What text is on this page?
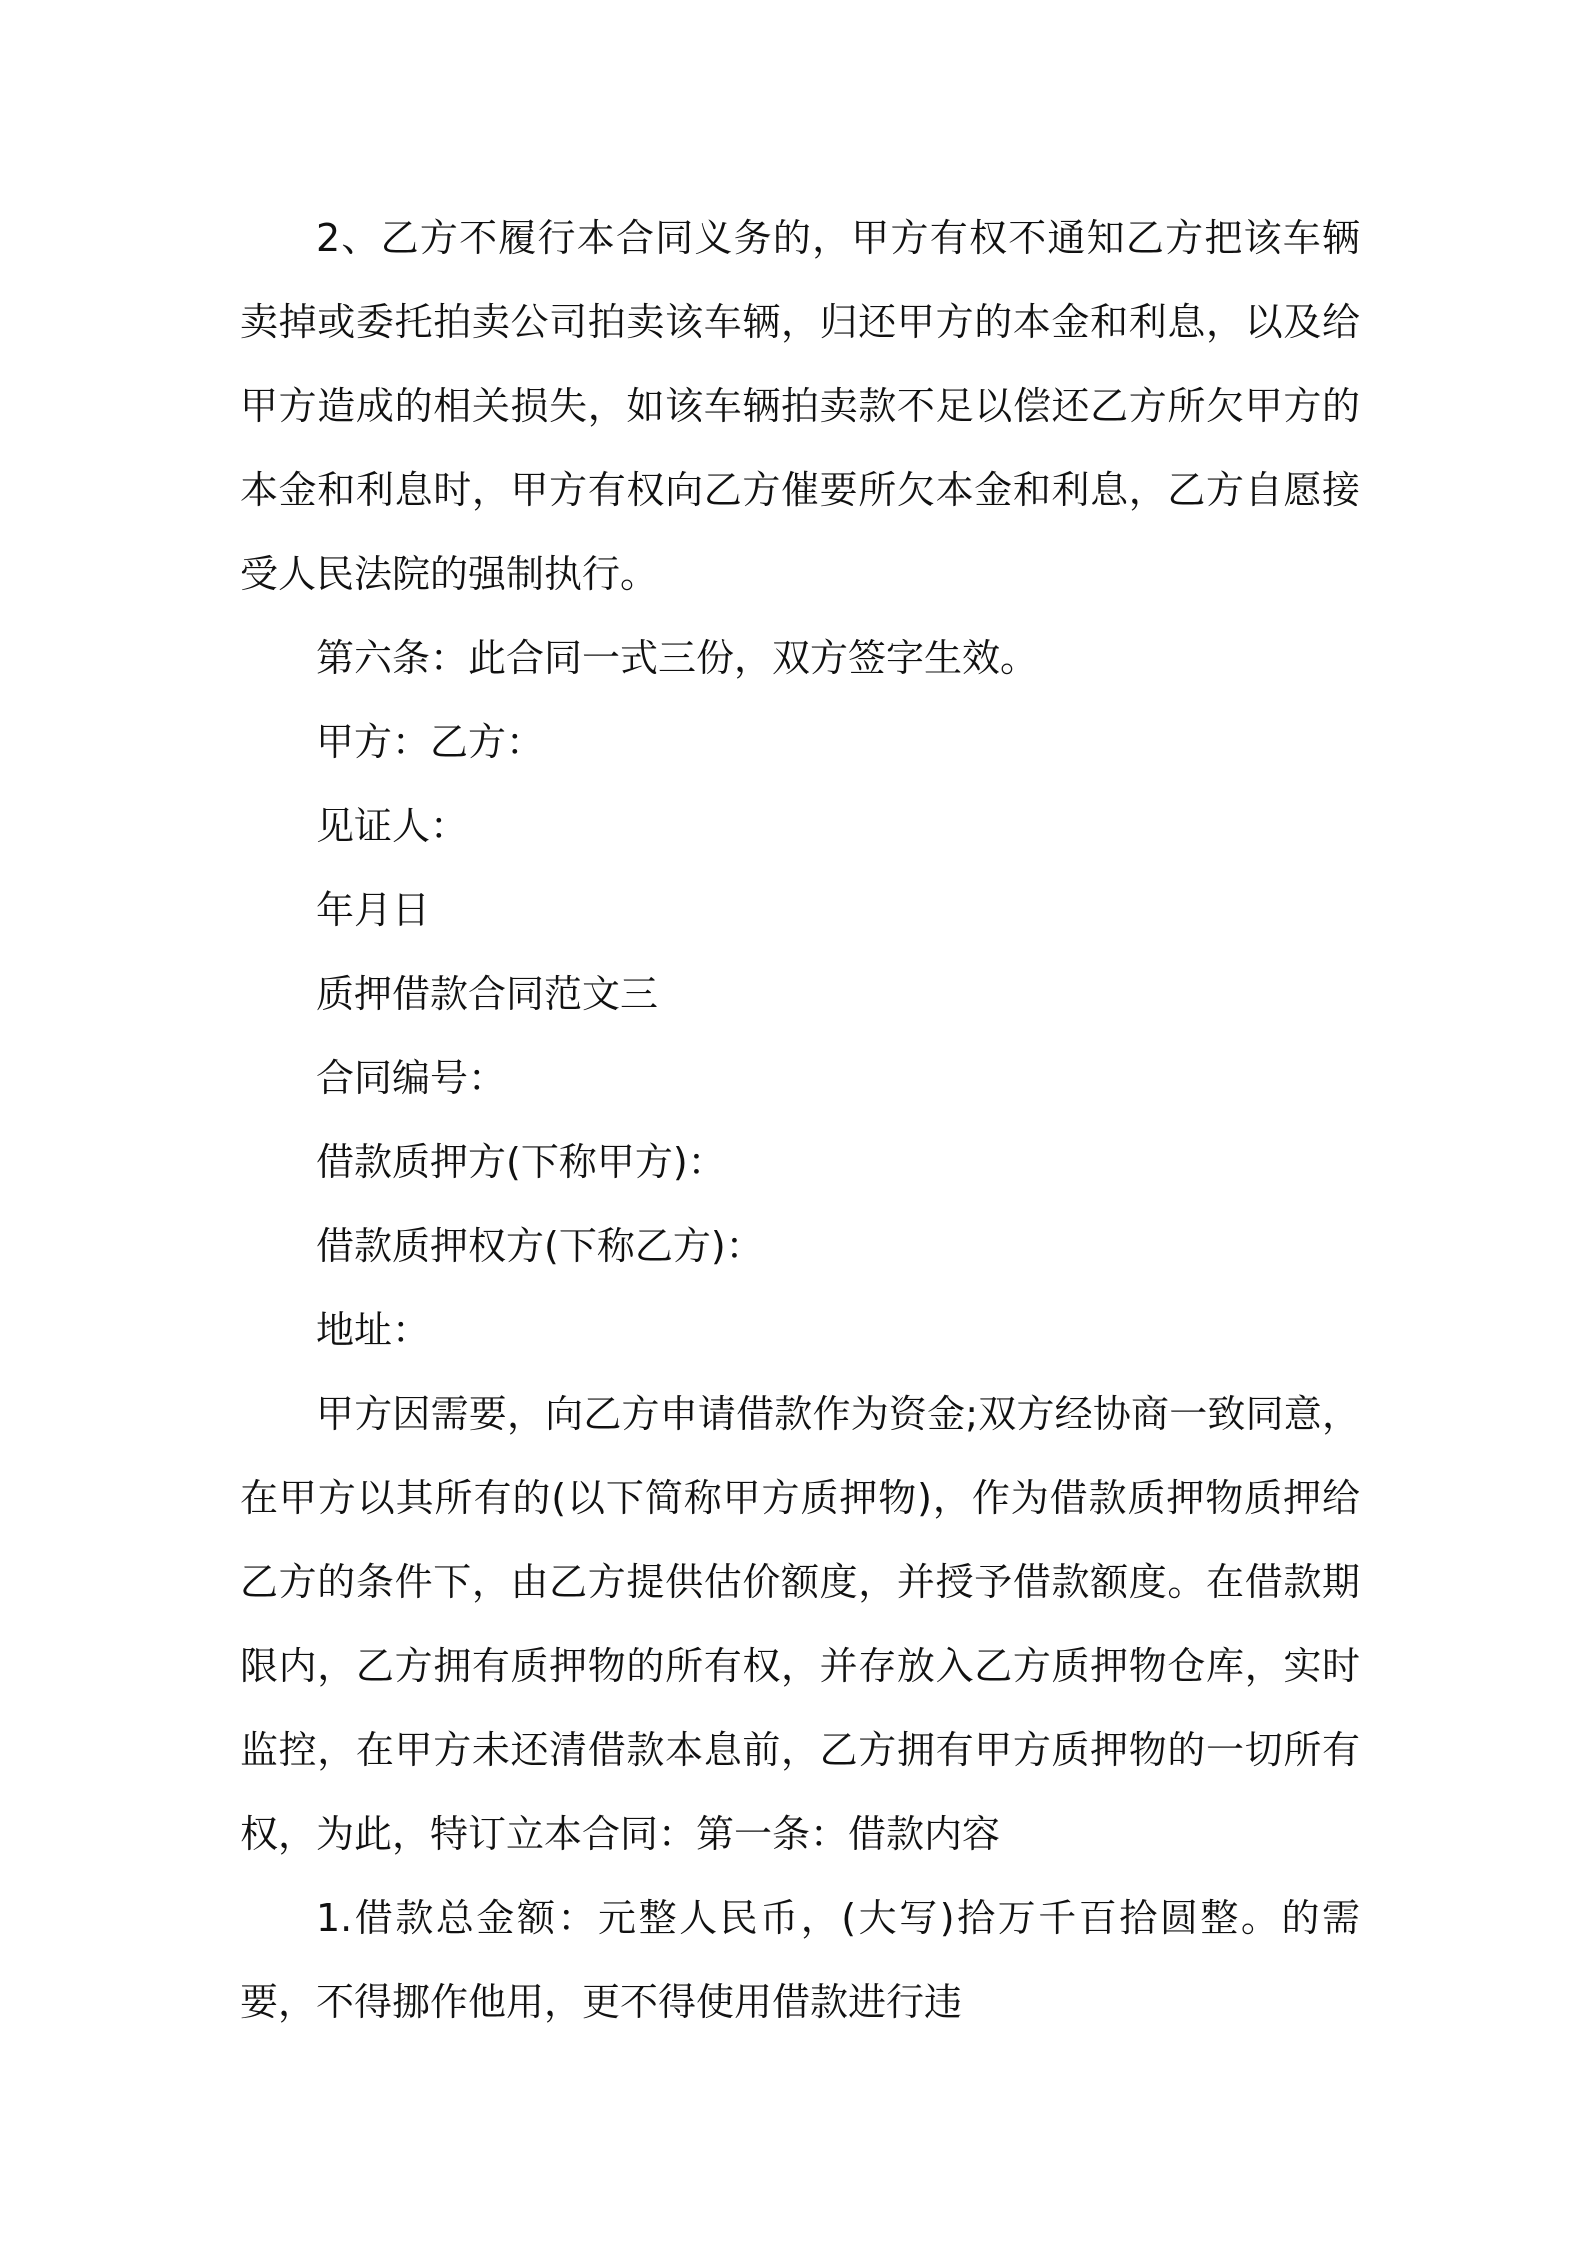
2、乙方不履行本合同义务的，甲方有权不通知乙方把该车辆卖掉或委托拍卖公司拍卖该车辆，归还甲方的本金和利息，以及给甲方造成的相关损失，如该车辆拍卖款不足以偿还乙方所欠甲方的本金和利息时，甲方有权向乙方催要所欠本金和利息，乙方自愿接受人民法院的强制执行。

第六条：此合同一式三份，双方签字生效。

甲方：乙方：

见证人：

年月日

质押借款合同范文三

合同编号：

借款质押方(下称甲方)：

借款质押权方(下称乙方)：

地址：

甲方因需要，向乙方申请借款作为资金;双方经协商一致同意，在甲方以其所有的(以下简称甲方质押物)，作为借款质押物质押给乙方的条件下，由乙方提供估价额度，并授予借款额度。在借款期限内，乙方拥有质押物的所有权，并存放入乙方质押物仓库，实时监控，在甲方未还清借款本息前，乙方拥有甲方质押物的一切所有权，为此，特订立本合同：第一条：借款内容

1.借款总金额：元整人民币，(大写)拾万千百拾圆整。的需要，不得挪作他用，更不得使用借款进行违
